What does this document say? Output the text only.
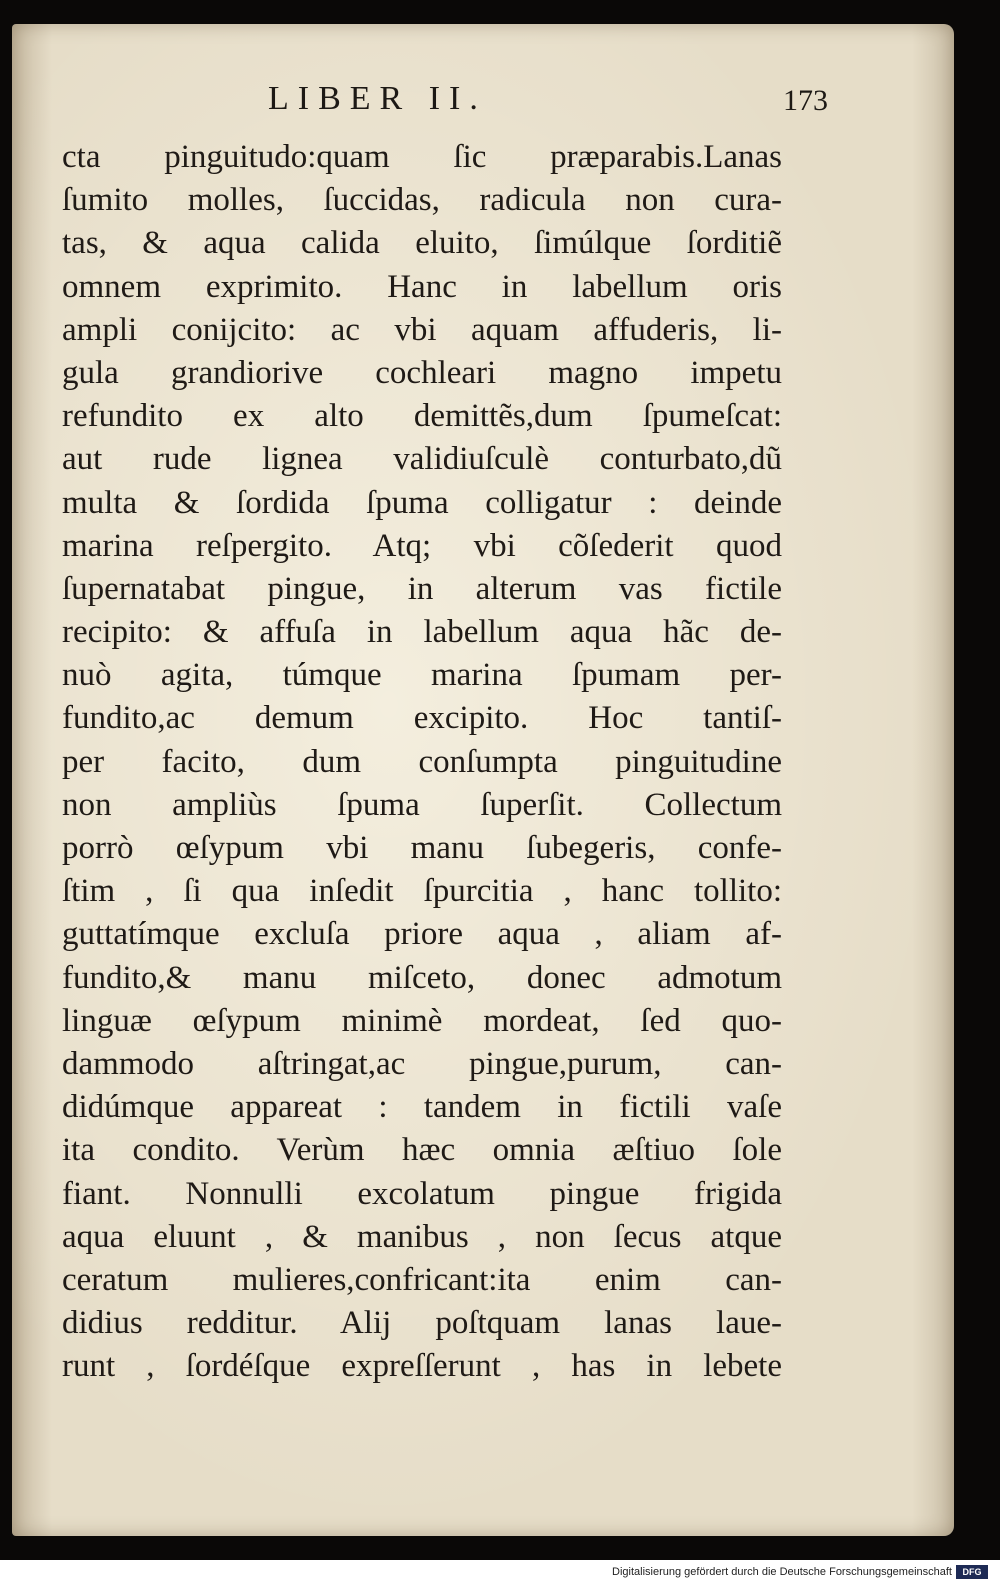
LIBER II.	173
cta pinguitudo:quam ſic præparabis.Lanas
ſumito molles, ſuccidas, radicula non cura-
tas, & aqua calida eluito, ſimúlque ſorditiẽ
omnem exprimito. Hanc in labellum oris
ampli conijcito: ac vbi aquam affuderis, li-
gula grandiorive cochleari magno impetu
refundito ex alto demittẽs,dum ſpumeſcat:
aut rude lignea validiuſculè conturbato,dũ
multa & ſordida ſpuma colligatur : deinde
marina reſpergito. Atq; vbi cõſederit quod
ſupernatabat pingue, in alterum vas fictile
recipito: & affuſa in labellum aqua hãc de-
nuò agita, túmque marina ſpumam per-
fundito,ac demum excipito. Hoc tantiſ-
per facito, dum conſumpta pinguitudine
non ampliùs ſpuma ſuperſit. Collectum
porrò œſypum vbi manu ſubegeris, confe-
ſtim , ſi qua inſedit ſpurcitia , hanc tollito:
guttatímque excluſa priore aqua , aliam af-
fundito,& manu miſceto, donec admotum
linguæ œſypum minimè mordeat, ſed quo-
dammodo aſtringat,ac pingue,purum, can-
didúmque appareat : tandem in fictili vaſe
ita condito. Verùm hæc omnia æſtiuo ſole
fiant. Nonnulli excolatum pingue frigida
aqua eluunt , & manibus , non ſecus atque
ceratum mulieres,confricant:ita enim can-
didius redditur. Alij poſtquam lanas laue-
runt , ſordéſque expreſſerunt , has in lebete
Digitalisierung gefördert durch die Deutsche Forschungsgemeinschaft	DFG
